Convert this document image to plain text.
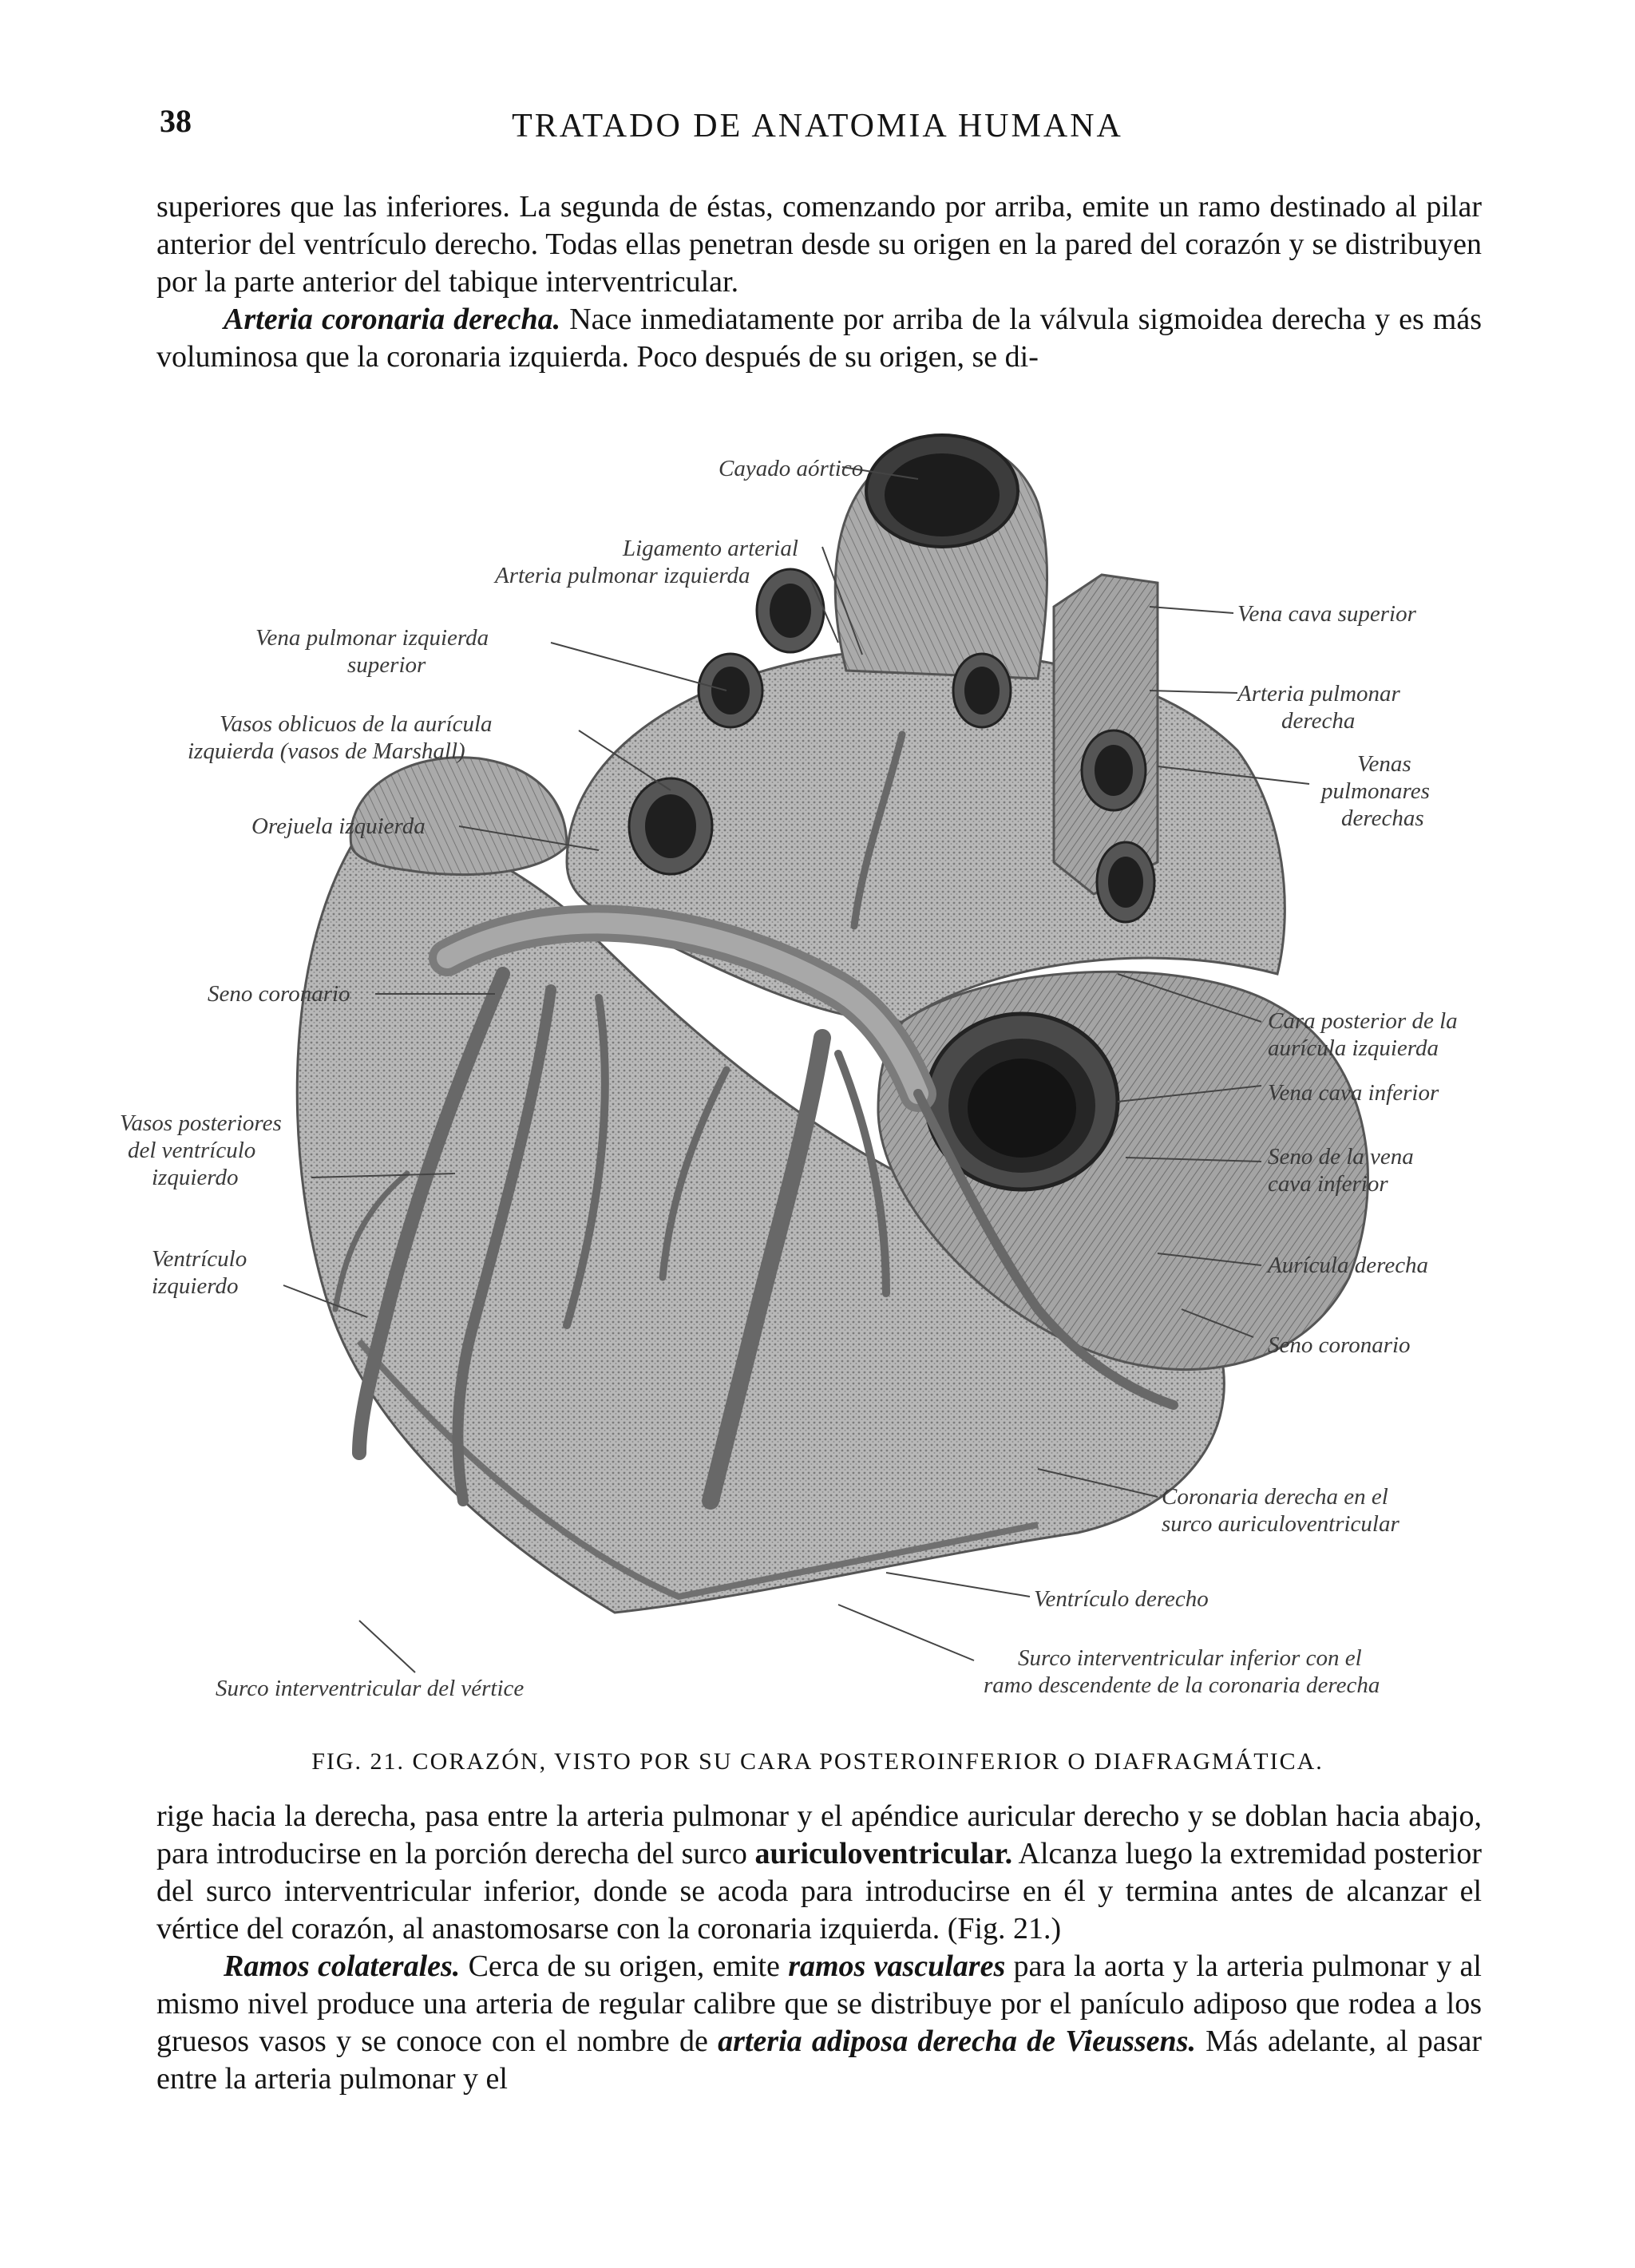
38	TRATADO DE ANATOMIA HUMANA

superiores que las inferiores. La segunda de éstas, comenzando por arriba, emite un ramo destinado al pilar anterior del ventrículo derecho. Todas ellas penetran desde su origen en la pared del corazón y se distribuyen por la parte anterior del tabique interventricular.

Arteria coronaria derecha. Nace inmediatamente por arriba de la válvula sigmoidea derecha y es más voluminosa que la coronaria izquierda. Poco después de su origen, se di-

Cayado aórtico
Ligamento arterial
Arteria pulmonar izquierda
Vena pulmonar izquierda
superior
Vasos oblicuos de la aurícula
izquierda (vasos de Marshall)
Orejuela izquierda
Seno coronario
Vasos posteriores
del ventrículo
izquierdo
Ventrículo
izquierdo
Surco interventricular del vértice
Vena cava superior
Arteria pulmonar
derecha
Venas
pulmonares
derechas
Cara posterior de la
aurícula izquierda
Vena cava inferior
Seno de la vena
cava inferior
Aurícula derecha
Seno coronario
Coronaria derecha en el
surco auriculoventricular
Ventrículo derecho
Surco interventricular inferior con el
ramo descendente de la coronaria derecha
FIG. 21. CORAZÓN, VISTO POR SU CARA POSTEROINFERIOR O DIAFRAGMÁTICA.

rige hacia la derecha, pasa entre la arteria pulmonar y el apéndice auricular derecho y se doblan hacia abajo, para introducirse en la porción derecha del surco auriculoventricular. Alcanza luego la extremidad posterior del surco interventricular inferior, donde se acoda para introducirse en él y termina antes de alcanzar el vértice del corazón, al anastomosarse con la coronaria izquierda. (Fig. 21.)

Ramos colaterales. Cerca de su origen, emite ramos vasculares para la aorta y la arteria pulmonar y al mismo nivel produce una arteria de regular calibre que se distribuye por el panículo adiposo que rodea a los gruesos vasos y se conoce con el nombre de arteria adiposa derecha de Vieussens. Más adelante, al pasar entre la arteria pulmonar y el
